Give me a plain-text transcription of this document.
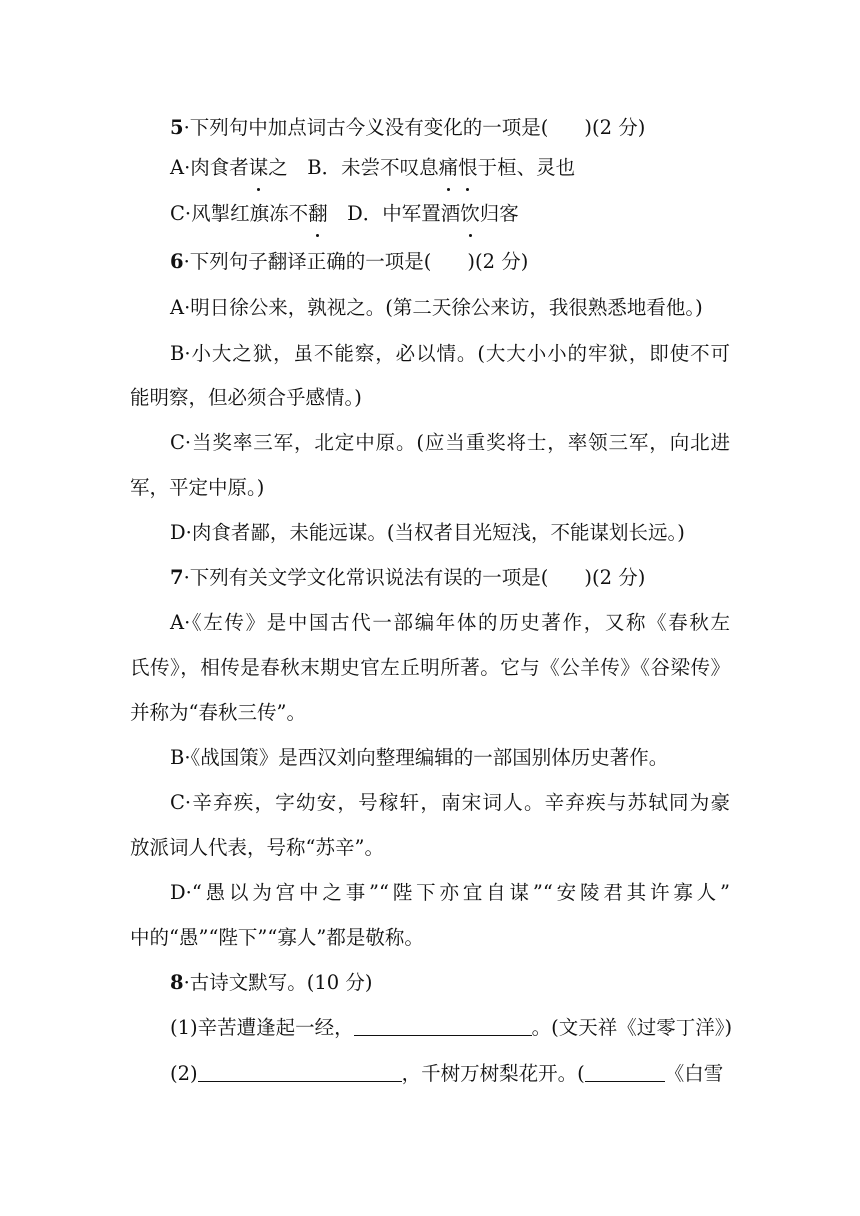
5·下列句中加点词古今义没有变化的一项是( )(2 分)
A·肉食者谋之　B．未尝不叹息痛恨于桓、灵也
C·风掣红旗冻不翻　D．中军置酒饮归客
6·下列句子翻译正确的一项是( )(2 分)
A·明日徐公来，孰视之。(第二天徐公来访，我很熟悉地看他。)
B·小大之狱，虽不能察，必以情。(大大小小的牢狱，即使不可
能明察，但必须合乎感情。)
C·当奖率三军，北定中原。(应当重奖将士，率领三军，向北进
军，平定中原。)
D·肉食者鄙，未能远谋。(当权者目光短浅，不能谋划长远。)
7·下列有关文学文化常识说法有误的一项是( )(2 分)
A·《左传》是中国古代一部编年体的历史著作，又称《春秋左
氏传》，相传是春秋末期史官左丘明所著。它与《公羊传》《谷梁传》
并称为“春秋三传”。
B·《战国策》是西汉刘向整理编辑的一部国别体历史著作。
C·辛弃疾，字幼安，号稼轩，南宋词人。辛弃疾与苏轼同为豪
放派词人代表，号称“苏辛”。
D·“愚以为宫中之事”“陛下亦宜自谋”“安陵君其许寡人”
中的“愚”“陛下”“寡人”都是敬称。
8·古诗文默写。(10 分)
(1)辛苦遭逢起一经，	。(文天祥《过零丁洋》)
(2)	，千树万树梨花开。(	《白雪
